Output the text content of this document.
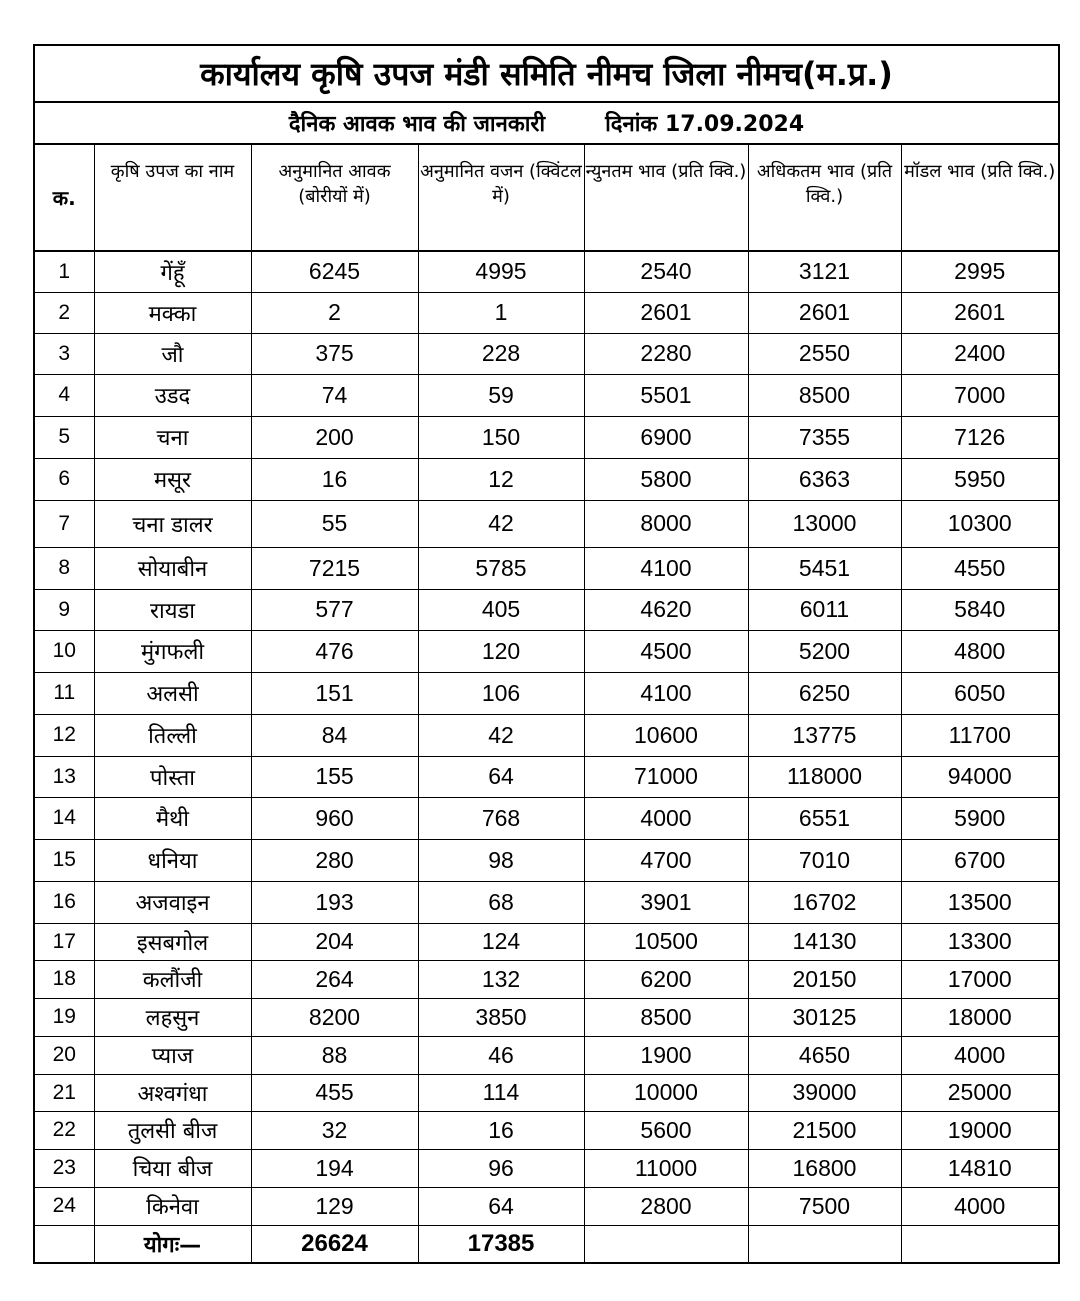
कार्यालय कृषि उपज मंडी समिति नीमच जिला नीमच(म.प्र.)
दैनिक आवक भाव की जानकारी	दिनांक 17.09.2024
क.	कृषि उपज का नाम	अनुमानित आवक (बोरीयों में)	अनुमानित वजन (क्विंटल में)	न्युनतम भाव (प्रति क्वि.)	अधिकतम भाव (प्रति क्वि.)	मॉडल भाव (प्रति क्वि.)
1	गेंहूँ	6245	4995	2540	3121	2995
2	मक्का	2	1	2601	2601	2601
3	जौ	375	228	2280	2550	2400
4	उडद	74	59	5501	8500	7000
5	चना	200	150	6900	7355	7126
6	मसूर	16	12	5800	6363	5950
7	चना डालर	55	42	8000	13000	10300
8	सोयाबीन	7215	5785	4100	5451	4550
9	रायडा	577	405	4620	6011	5840
10	मुंगफली	476	120	4500	5200	4800
11	अलसी	151	106	4100	6250	6050
12	तिल्ली	84	42	10600	13775	11700
13	पोस्ता	155	64	71000	118000	94000
14	मैथी	960	768	4000	6551	5900
15	धनिया	280	98	4700	7010	6700
16	अजवाइन	193	68	3901	16702	13500
17	इसबगोल	204	124	10500	14130	13300
18	कलौंजी	264	132	6200	20150	17000
19	लहसुन	8200	3850	8500	30125	18000
20	प्याज	88	46	1900	4650	4000
21	अश्वगंधा	455	114	10000	39000	25000
22	तुलसी बीज	32	16	5600	21500	19000
23	चिया बीज	194	96	11000	16800	14810
24	किनेवा	129	64	2800	7500	4000
	योगः—	26624	17385			
